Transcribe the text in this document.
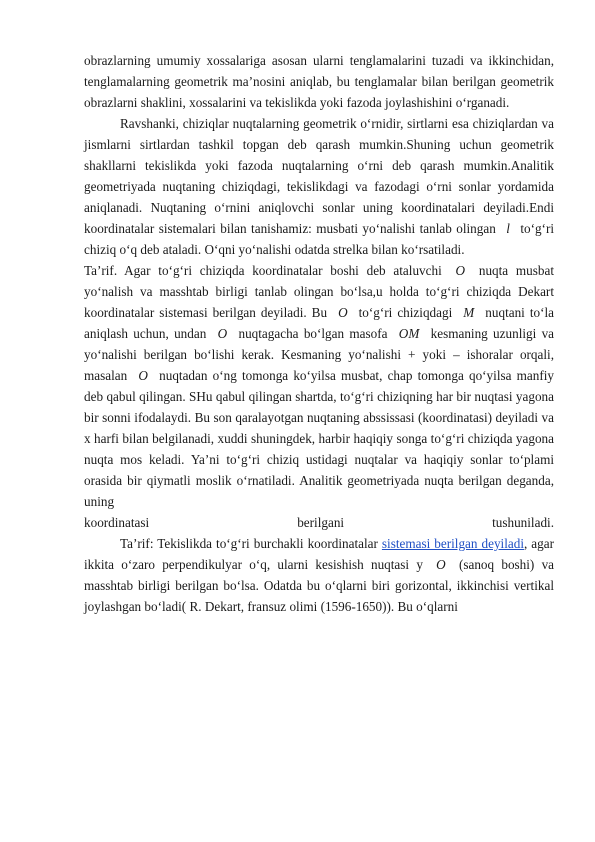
obrazlarning umumiy xossalariga asosan ularni tenglamalarini tuzadi va ikkinchidan, tenglamalarning geometrik ma’nosini aniqlab, bu tenglamalar bilan berilgan geometrik obrazlarni shaklini, xossalarini va tekislikda yoki fazoda joylashishini o‘rganadi.

Ravshanki, chiziqlar nuqtalarning geometrik o‘rnidir, sirtlarni esa chiziqlardan va jismlarni sirtlardan tashkil topgan deb qarash mumkin.Shuning uchun geometrik shakllarni tekislikda yoki fazoda nuqtalarning o‘rni deb qarash mumkin.Analitik geometriyada nuqtaning chiziqdagi, tekislikdagi va fazodagi o‘rni sonlar yordamida aniqlanadi. Nuqtaning o‘rnini aniqlovchi sonlar uning koordinatalari deyiladi.Endi koordinatalar sistemalari bilan tanishamiz: musbati yo‘nalishi tanlab olingan l to‘g‘ri chiziq o‘q deb ataladi. O‘qni yo‘nalishi odatda strelka bilan ko‘rsatiladi.

Ta’rif. Agar to‘g‘ri chiziqda koordinatalar boshi deb ataluvchi O nuqta musbat yo‘nalish va masshtab birligi tanlab olingan bo‘lsa,u holda to‘g‘ri chiziqda Dekart koordinatalar sistemasi berilgan deyiladi. Bu O to‘g‘ri chiziqdagi M nuqtani to‘la aniqlash uchun, undan O nuqtagacha bo‘lgan masofa OM kesmaning uzunligi va yo‘nalishi berilgan bo‘lishi kerak. Kesmaning yo‘nalishi + yoki – ishoralar orqali, masalan O nuqtadan o‘ng tomonga ko‘yilsa musbat, chap tomonga qo‘yilsa manfiy deb qabul qilingan. SHu qabul qilingan shartda, to‘g‘ri chiziqning har bir nuqtasi yagona bir sonni ifodalaydi. Bu son qaralayotgan nuqtaning abssissasi (koordinatasi) deyiladi va x harfi bilan belgilanadi, xuddi shuningdek, harbir haqiqiy songa to‘g‘ri chiziqda yagona nuqta mos keladi. Ya’ni to‘g‘ri chiziq ustidagi nuqtalar va haqiqiy sonlar to‘plami orasida bir qiymatli moslik o‘rnatiladi. Analitik geometriyada nuqta berilgan deganda, uning

koordinatasi berilgani tushuniladi.

Ta’rif: Tekislikda to‘g‘ri burchakli koordinatalar sistemasi berilgan deyiladi, agar ikkita o‘zaro perpendikulyar o‘q, ularni kesishish nuqtasi y O (sanoq boshi) va masshtab birligi berilgan bo‘lsa. Odatda bu o‘qlarni biri gorizontal, ikkinchisi vertikal joylashgan bo‘ladi( R. Dekart, fransuz olimi (1596-1650)). Bu o‘qlarni
